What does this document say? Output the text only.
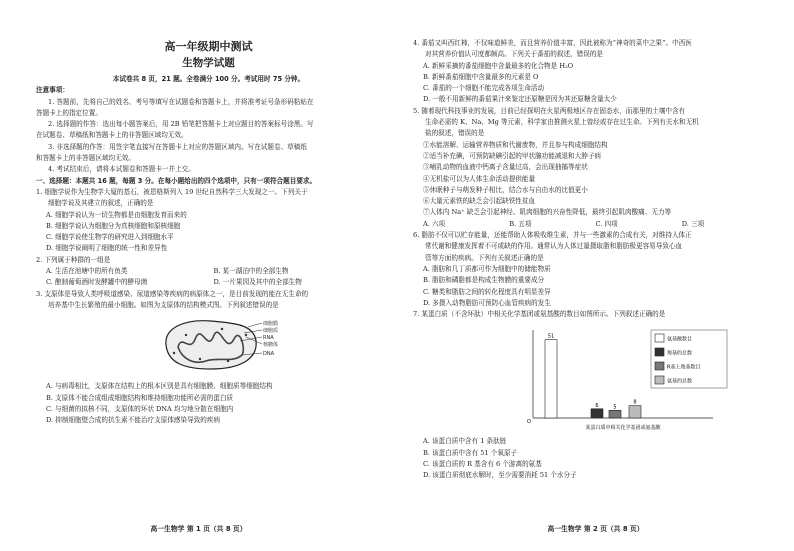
高一年级期中测试
生物学试题
本试卷共 8 页，21 题。全卷满分 100 分。考试用时 75 分钟。
注意事项：
1. 答题前，先将自己的姓名、考号等填写在试题卷和答题卡上，并将准考证号条形码粘贴在
答题卡上的指定位置。
2. 选择题的作答：选出每小题答案后，用 2B 铅笔把答题卡上对应题目的答案标号涂黑。写
在试题卷、草稿纸和答题卡上的非答题区域均无效。
3. 非选择题的作答：用签字笔直接写在答题卡上对应的答题区域内。写在试题卷、草稿纸
和答题卡上的非答题区域均无效。
4. 考试结束后，请将本试题卷和答题卡一并上交。
一、选择题：本题共 16 题，每题 3 分。在每小题给出的四个选项中，只有一项符合题目要求。
1. 细胞学说作为生物学大厦的基石，被恩格斯列入 19 世纪自然科学三大发现之一。下列关于
细胞学说及其建立的叙述，正确的是
A. 细胞学说认为一切生物都是由细胞发育而来的
B. 细胞学说认为细胞分为真核细胞和原核细胞
C. 细胞学说使生物学的研究进入到细胞水平
D. 细胞学说阐明了细胞的统一性和差异性
2. 下列属于种群的一组是
A. 生活在池塘中的所有鱼类	B. 某一湖泊中的全部生物
C. 酿制葡萄酒时发酵罐中的酵母菌	D. 一片果园及其中的全部生物
3. 支原体是导致人类呼吸道感染、尿道感染等疾病的病原体之一，是目前发现的能在无生命的
培养基中生长繁殖的最小细胞。如图为支原体的结构模式图。下列叙述错误的是
细胞膜
细胞质
RNA
核糖体
DNA
A. 与病毒相比，支原体在结构上的根本区别是具有细胞膜、细胞质等细胞结构
B. 支原体不能合成组成细胞结构和维持细胞功能所必需的蛋白质
C. 与细菌的拟核不同，支原体的环状 DNA 均匀地分散在细胞内
D. 抑制细胞壁合成的抗生素不能治疗支原体感染导致的疾病
高一生物学 第 1 页（共 8 页）
4. 番茄又叫西红柿，不仅味道鲜美，而且营养价值丰富，因此被称为“神奇的菜中之果”。中西医
对其营养价值认可度都颇高。下列关于番茄的叙述，错误的是
A. 新鲜采摘的番茄细胞中含量最多的化合物是 H₂O
B. 新鲜番茄细胞中含量最多的元素是 O
C. 番茄的一个细胞不能完成各项生命活动
D. 一般不用新鲜的番茄果汁来鉴定还原糖是因为其还原糖含量太少
5. 随着现代科技事业的发展，目前已经探明在火星两极地区存在固态水，而那里的土壤中含有
生命必需的 K、Na、Mg 等元素，科学家由推测火星上曾经或存在过生命。下列有关水和无机
盐的叙述，错误的是
①水能溶解、运输营养物质和代谢废物，并且参与构成细胞结构
②适当补充碘，可预防缺碘引起的甲状腺功能减退和大脖子病
③哺乳动物的血液中钙离子含量过高，会出现抽搐等症状
④无机盐可以为人体生命活动提供能量
⑤休眠种子与萌发种子相比，结合水与自由水的比值更小
⑥大量元素铁的缺乏会引起缺铁性贫血
⑦人体内 Na⁺ 缺乏会引起神经、肌肉细胞的兴奋性降低，最终引起肌肉酸痛、无力等
A. 六项	B. 五项	C. 四项	D. 三项
6. 脂肪不仅可以贮存能量，还能帮助人体吸收维生素，并与一些激素的合成有关，对维持人体正
常代谢和健康发挥着不可或缺的作用。通常认为人体过量摄取脂和脂肪极更容易导致心血
管等方面的疾病。下列有关叙述正确的是
A. 脂肪和几丁质都可作为细胞中的储能物质
B. 脂肪和磷脂都是构成生物膜的重要成分
C. 糖类和脂肪之间的转化程度具有明显差异
D. 多摄入动物脂肪可预防心血管疾病的发生
7. 某蛋白质（不含环肽）中相关化学基团或氨基酸的数目如图所示。下列叙述正确的是
O
某蛋白质中相关化学基团或氨基酸
51
6	5
8
氨基酸数目
羧基的总数
R基上羧基数目
氨基的总数
A. 该蛋白质中含有 1 条肽链
B. 该蛋白质中含有 51 个氧原子
C. 该蛋白质的 R 基含有 6 个游离的氨基
D. 该蛋白质彻底水解时，至少需要消耗 51 个水分子
高一生物学 第 2 页（共 8 页）
